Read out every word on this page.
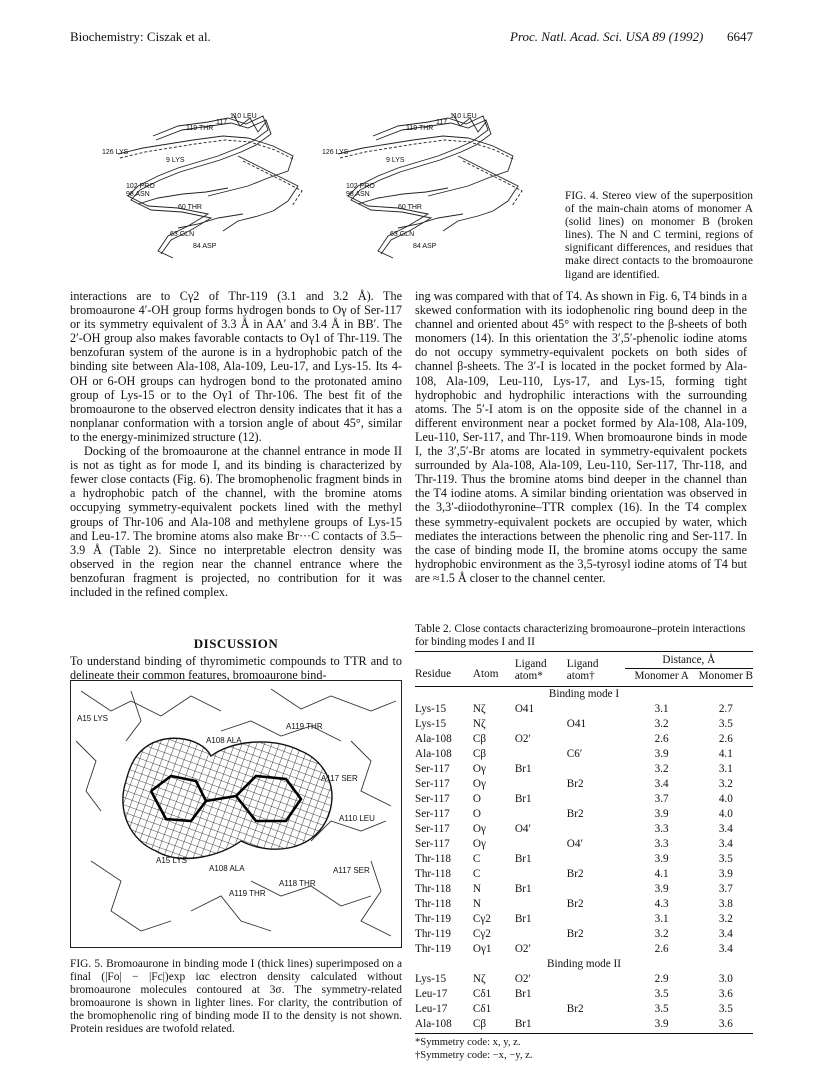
Biochemistry: Ciszak et al.	Proc. Natl. Acad. Sci. USA 89 (1992) 6647
119 THR
117
110 LEU
126 LYS
9 LYS
102 PRO
98 ASN
60 THR
63 GLN
84 ASP
119 THR
117
110 LEU
126 LYS
9 LYS
102 PRO
98 ASN
60 THR
63 GLN
84 ASP
FIG. 4. Stereo view of the superposition of the main-chain atoms of monomer A (solid lines) on monomer B (broken lines). The N and C termini, regions of significant differences, and residues that make direct contacts to the bromoaurone ligand are identified.

interactions are to Cγ2 of Thr-119 (3.1 and 3.2 Å). The bromoaurone 4′-OH group forms hydrogen bonds to Oγ of Ser-117 or its symmetry equivalent of 3.3 Å in AA′ and 3.4 Å in BB′. The 2′-OH group also makes favorable contacts to Oγ1 of Thr-119. The benzofuran system of the aurone is in a hydrophobic patch of the binding site between Ala-108, Ala-109, Leu-17, and Lys-15. Its 4-OH or 6-OH groups can hydrogen bond to the protonated amino group of Lys-15 or to the Oγ1 of Thr-106. The best fit of the bromoaurone to the observed electron density indicates that it has a nonplanar conformation with a torsion angle of about 45°, similar to the energy-minimized structure (12).

Docking of the bromoaurone at the channel entrance in mode II is not as tight as for mode I, and its binding is characterized by fewer close contacts (Fig. 6). The bromophenolic fragment binds in a hydrophobic patch of the channel, with the bromine atoms occupying symmetry-equivalent pockets lined with the methyl groups of Thr-106 and Ala-108 and methylene groups of Lys-15 and Leu-17. The bromine atoms also make Br···C contacts of 3.5–3.9 Å (Table 2). Since no interpretable electron density was observed in the region near the channel entrance where the benzofuran fragment is projected, no contribution for it was included in the refined complex.

DISCUSSION
To understand binding of thyromimetic compounds to TTR and to delineate their common features, bromoaurone bind-
A15 LYS
A108 ALA
A119 THR
A117 SER
A110 LEU
A117 SER
A15 LYS
A108 ALA
A118 THR
A119 THR
FIG. 5. Bromoaurone in binding mode I (thick lines) superimposed on a final (|Fo| − |Fc|)exp iαc electron density calculated without bromoaurone molecules contoured at 3σ. The symmetry-related bromoaurone is shown in lighter lines. For clarity, the contribution of the bromophenolic ring of binding mode II to the density is not shown. Protein residues are twofold related.
ing was compared with that of T4. As shown in Fig. 6, T4 binds in a skewed conformation with its iodophenolic ring bound deep in the channel and oriented about 45° with respect to the β-sheets of both monomers (14). In this orientation the 3′,5′-phenolic iodine atoms do not occupy symmetry-equivalent pockets on both sides of channel β-sheets. The 3′-I is located in the pocket formed by Ala-108, Ala-109, Leu-110, Lys-17, and Lys-15, forming tight hydrophobic and hydrophilic interactions with the surrounding atoms. The 5′-I atom is on the opposite side of the channel in a different environment near a pocket formed by Ala-108, Ala-109, Leu-110, Ser-117, and Thr-119. When bromoaurone binds in mode I, the 3′,5′-Br atoms are located in symmetry-equivalent pockets surrounded by Ala-108, Ala-109, Leu-110, Ser-117, Thr-118, and Thr-119. Thus the bromine atoms bind deeper in the channel than the T4 iodine atoms. A similar binding orientation was observed in the 3,3′-diiodothyronine–TTR complex (16). In the T4 complex these symmetry-equivalent pockets are occupied by water, which mediates the interactions between the phenolic ring and Ser-117. In the case of binding mode II, the bromine atoms occupy the same hydrophobic environment as the 3,5-tyrosyl iodine atoms of T4 but are ≈1.5 Å closer to the channel center.
Table 2. Close contacts characterizing bromoaurone–protein interactions for binding modes I and II
Residue	Atom	Ligand atom*	Ligand atom†	Distance, Å	
				Monomer A	Monomer B

Binding mode I					
Lys-15	Nζ	O41		3.1	2.7
Lys-15	Nζ		O41	3.2	3.5
Ala-108	Cβ	O2′		2.6	2.6
Ala-108	Cβ		C6′	3.9	4.1
Ser-117	Oγ	Br1		3.2	3.1
Ser-117	Oγ		Br2	3.4	3.2
Ser-117	O	Br1		3.7	4.0
Ser-117	O		Br2	3.9	4.0
Ser-117	Oγ	O4′		3.3	3.4
Ser-117	Oγ		O4′	3.3	3.4
Thr-118	C	Br1		3.9	3.5
Thr-118	C		Br2	4.1	3.9
Thr-118	N	Br1		3.9	3.7
Thr-118	N		Br2	4.3	3.8
Thr-119	Cγ2	Br1		3.1	3.2
Thr-119	Cγ2		Br2	3.2	3.4
Thr-119	Oγ1	O2′		2.6	3.4
Binding mode II					
Lys-15	Nζ	O2′		2.9	3.0
Leu-17	Cδ1	Br1		3.5	3.6
Leu-17	Cδ1		Br2	3.5	3.5
Ala-108	Cβ	Br1		3.9	3.6
*Symmetry code: x, y, z.
†Symmetry code: −x, −y, z.
